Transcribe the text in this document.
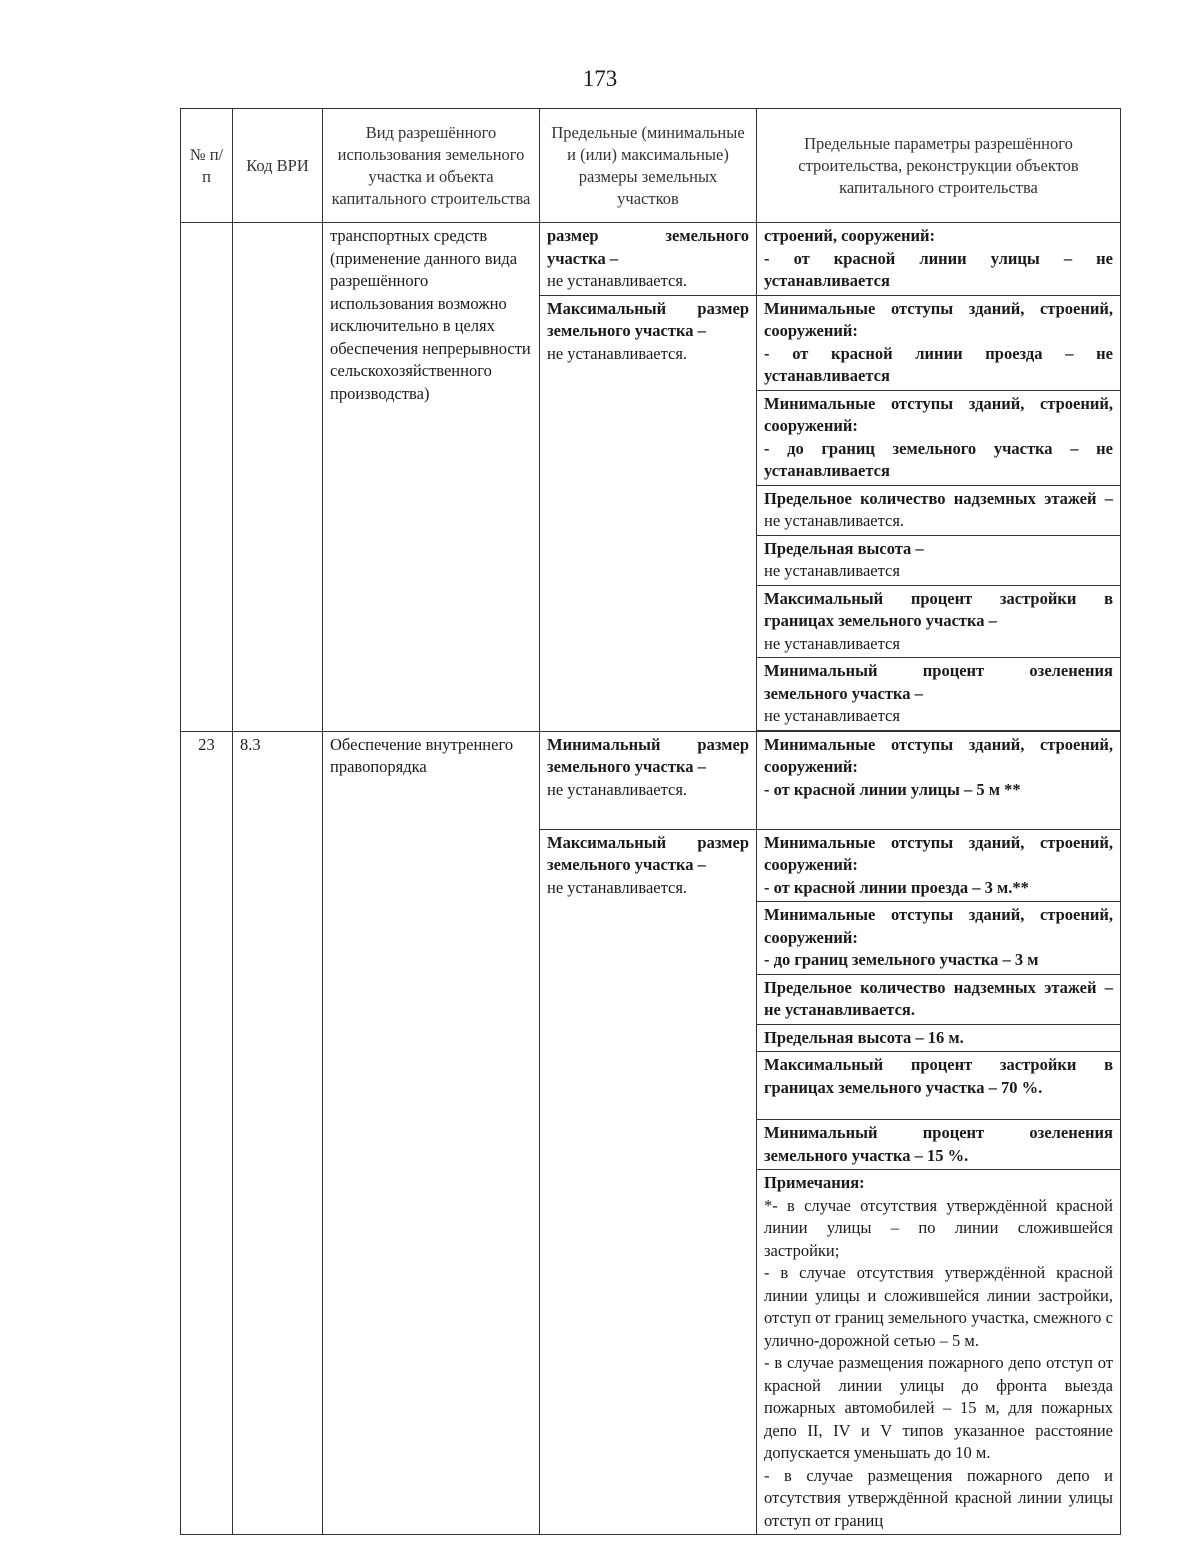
173
№ п/п	Код ВРИ	Вид разрешённого использования земельного участка и объекта капитального строительства	Предельные (минимальные и (или) максимальные) размеры земельных участков	Предельные параметры разрешённого строительства, реконструкции объектов капитального строительства
		транспортных средств (применение данного вида разрешённого использования возможно исключительно в целях обеспечения непрерывности сельскохозяйственного производства)	размер земельного участка –
не устанавливается.	строений, сооружений:
- от красной линии улицы – не устанавливается

			Максимальный размер земельного участка –
не устанавливается.	Минимальные отступы зданий, строений, сооружений:
- от красной линии проезда – не устанавливается

				Минимальные отступы зданий, строений, сооружений:
- до границ земельного участка – не устанавливается

				Предельное количество надземных этажей – не устанавливается.

				Предельная высота –
не устанавливается

				Максимальный процент застройки в границах земельного участка –
не устанавливается

				Минимальный процент озеленения земельного участка –
не устанавливается

23	8.3	Обеспечение внутреннего правопорядка	Минимальный размер земельного участка –
не устанавливается.	Минимальные отступы зданий, строений, сооружений:
- от красной линии улицы – 5 м **

			Максимальный размер земельного участка –
не устанавливается.	Минимальные отступы зданий, строений, сооружений:
- от красной линии проезда – 3 м.**

				Минимальные отступы зданий, строений, сооружений:
- до границ земельного участка – 3 м

				Предельное количество надземных этажей – не устанавливается.
				Предельная высота – 16 м.
				Максимальный процент застройки в границах земельного участка – 70 %.
				Минимальный процент озеленения земельного участка – 15 %.

				Примечания:
*- в случае отсутствия утверждённой красной линии улицы – по линии сложившейся застройки;
- в случае отсутствия утверждённой красной линии улицы и сложившейся линии застройки, отступ от границ земельного участка, смежного с улично-дорожной сетью – 5 м.
- в случае размещения пожарного депо отступ от красной линии улицы до фронта выезда пожарных автомобилей – 15 м, для пожарных депо II, IV и V типов указанное расстояние допускается уменьшать до 10 м.
- в случае размещения пожарного депо и отсутствия утверждённой красной линии улицы отступ от границ
